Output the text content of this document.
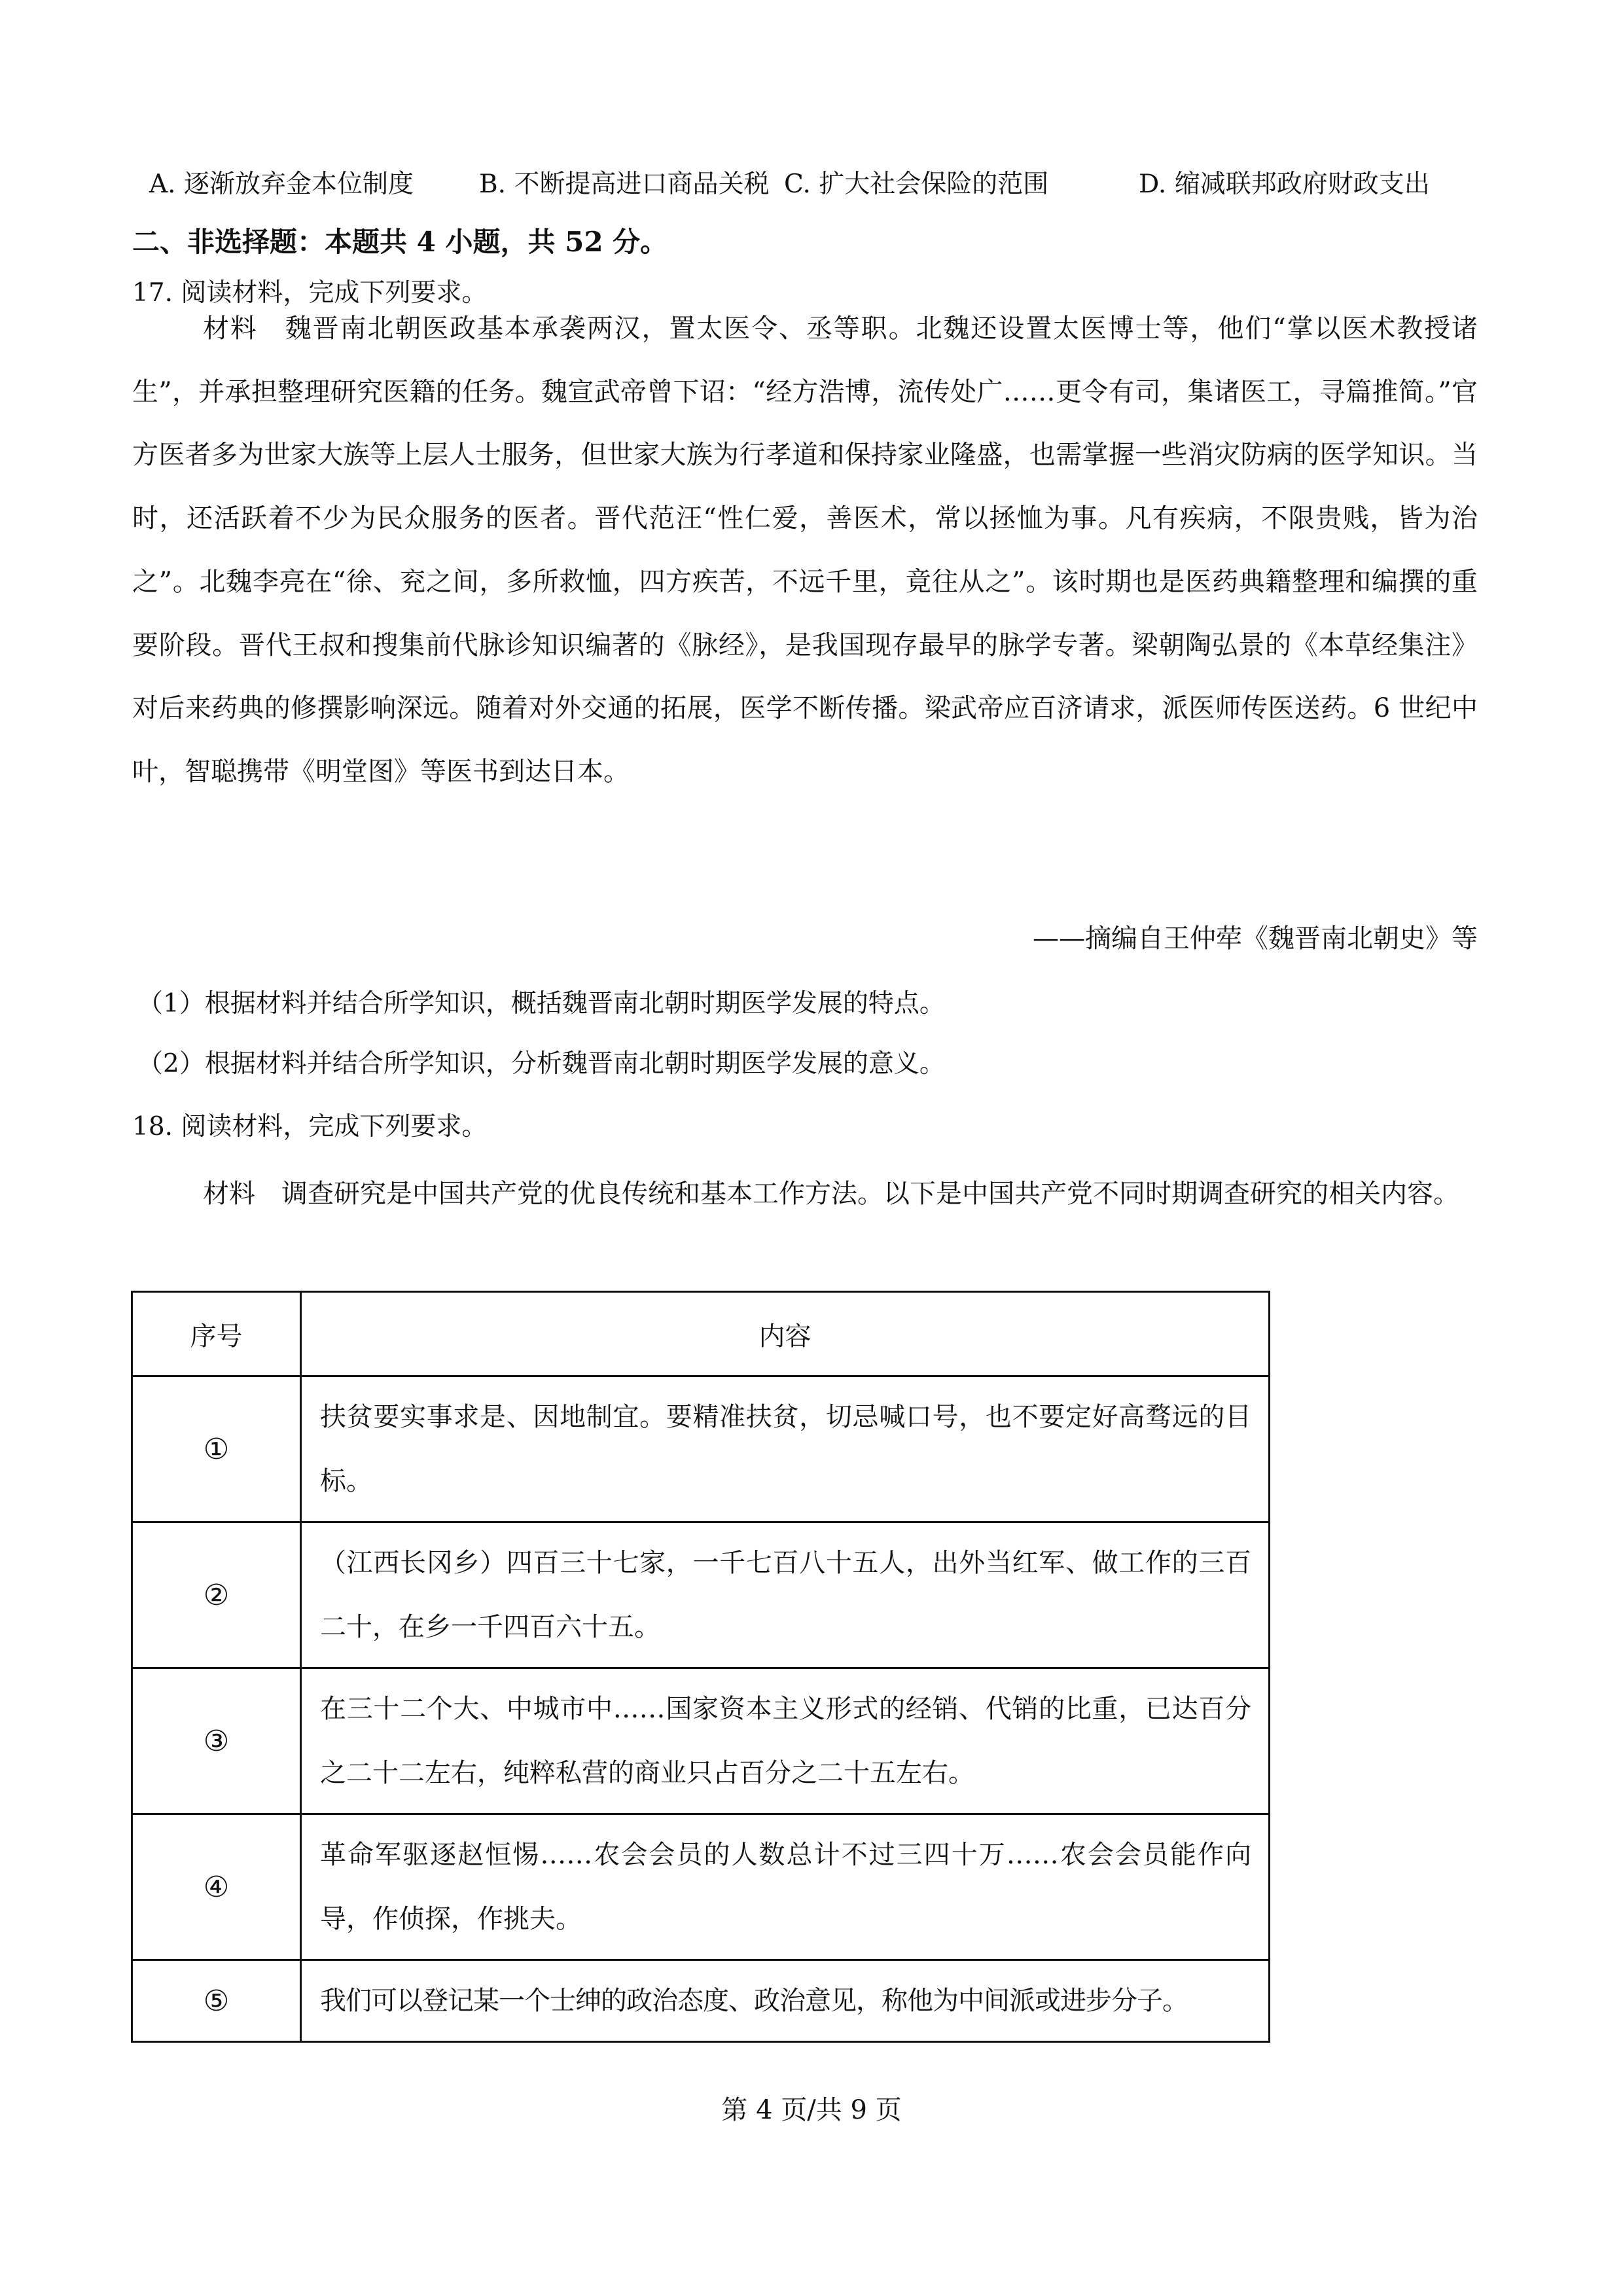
A. 逐渐放弃金本位制度	B. 不断提高进口商品关税 C. 扩大社会保险的范围	D. 缩减联邦政府财政支出
二、非选择题：本题共 4 小题，共 52 分。
17. 阅读材料，完成下列要求。

材料　魏晋南北朝医政基本承袭两汉，置太医令、丞等职。北魏还设置太医博士等，他们“掌以医术教授诸生”，并承担整理研究医籍的任务。魏宣武帝曾下诏：“经方浩博，流传处广……更令有司，集诸医工，寻篇推简。”官方医者多为世家大族等上层人士服务，但世家大族为行孝道和保持家业隆盛，也需掌握一些消灾防病的医学知识。当时，还活跃着不少为民众服务的医者。晋代范汪“性仁爱，善医术，常以拯恤为事。凡有疾病，不限贵贱，皆为治之”。北魏李亮在“徐、兖之间，多所救恤，四方疾苦，不远千里，竟往从之”。该时期也是医药典籍整理和编撰的重要阶段。晋代王叔和搜集前代脉诊知识编著的《脉经》，是我国现存最早的脉学专著。梁朝陶弘景的《本草经集注》对后来药典的修撰影响深远。随着对外交通的拓展，医学不断传播。梁武帝应百济请求，派医师传医送药。6 世纪中叶，智聪携带《明堂图》等医书到达日本。

——摘编自王仲荦《魏晋南北朝史》等
（1）根据材料并结合所学知识，概括魏晋南北朝时期医学发展的特点。
（2）根据材料并结合所学知识，分析魏晋南北朝时期医学发展的意义。
18. 阅读材料，完成下列要求。

材料　调查研究是中国共产党的优良传统和基本工作方法。以下是中国共产党不同时期调查研究的相关内容。

序号	内容
①	扶贫要实事求是、因地制宜。要精准扶贫，切忌喊口号，也不要定好高骛远的目标。
②	（江西长冈乡）四百三十七家，一千七百八十五人，出外当红军、做工作的三百二十，在乡一千四百六十五。
③	在三十二个大、中城市中……国家资本主义形式的经销、代销的比重，已达百分之二十二左右，纯粹私营的商业只占百分之二十五左右。
④	革命军驱逐赵恒惕……农会会员的人数总计不过三四十万……农会会员能作向导，作侦探，作挑夫。
⑤	我们可以登记某一个士绅的政治态度、政治意见，称他为中间派或进步分子。
第 4 页/共 9 页
